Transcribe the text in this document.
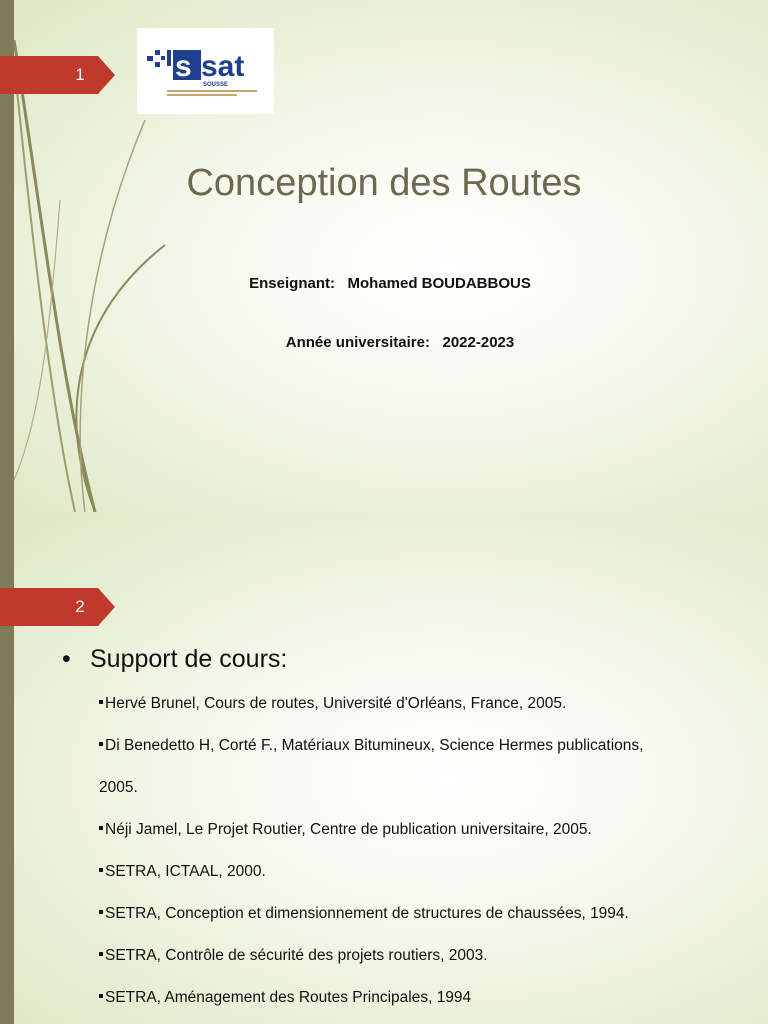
1	s sat
SOUSSE
Conception des Routes
Enseignant: Mohamed BOUDABBOUS
Année universitaire: 2022-2023
2
• Support de cours:
Hervé Brunel, Cours de routes, Université d'Orléans, France, 2005.
Di Benedetto H, Corté F., Matériaux Bitumineux, Science Hermes publications,
2005.
Néji Jamel, Le Projet Routier, Centre de publication universitaire, 2005.
SETRA, ICTAAL, 2000.
SETRA, Conception et dimensionnement de structures de chaussées, 1994.
SETRA, Contrôle de sécurité des projets routiers, 2003.
SETRA, Aménagement des Routes Principales, 1994
